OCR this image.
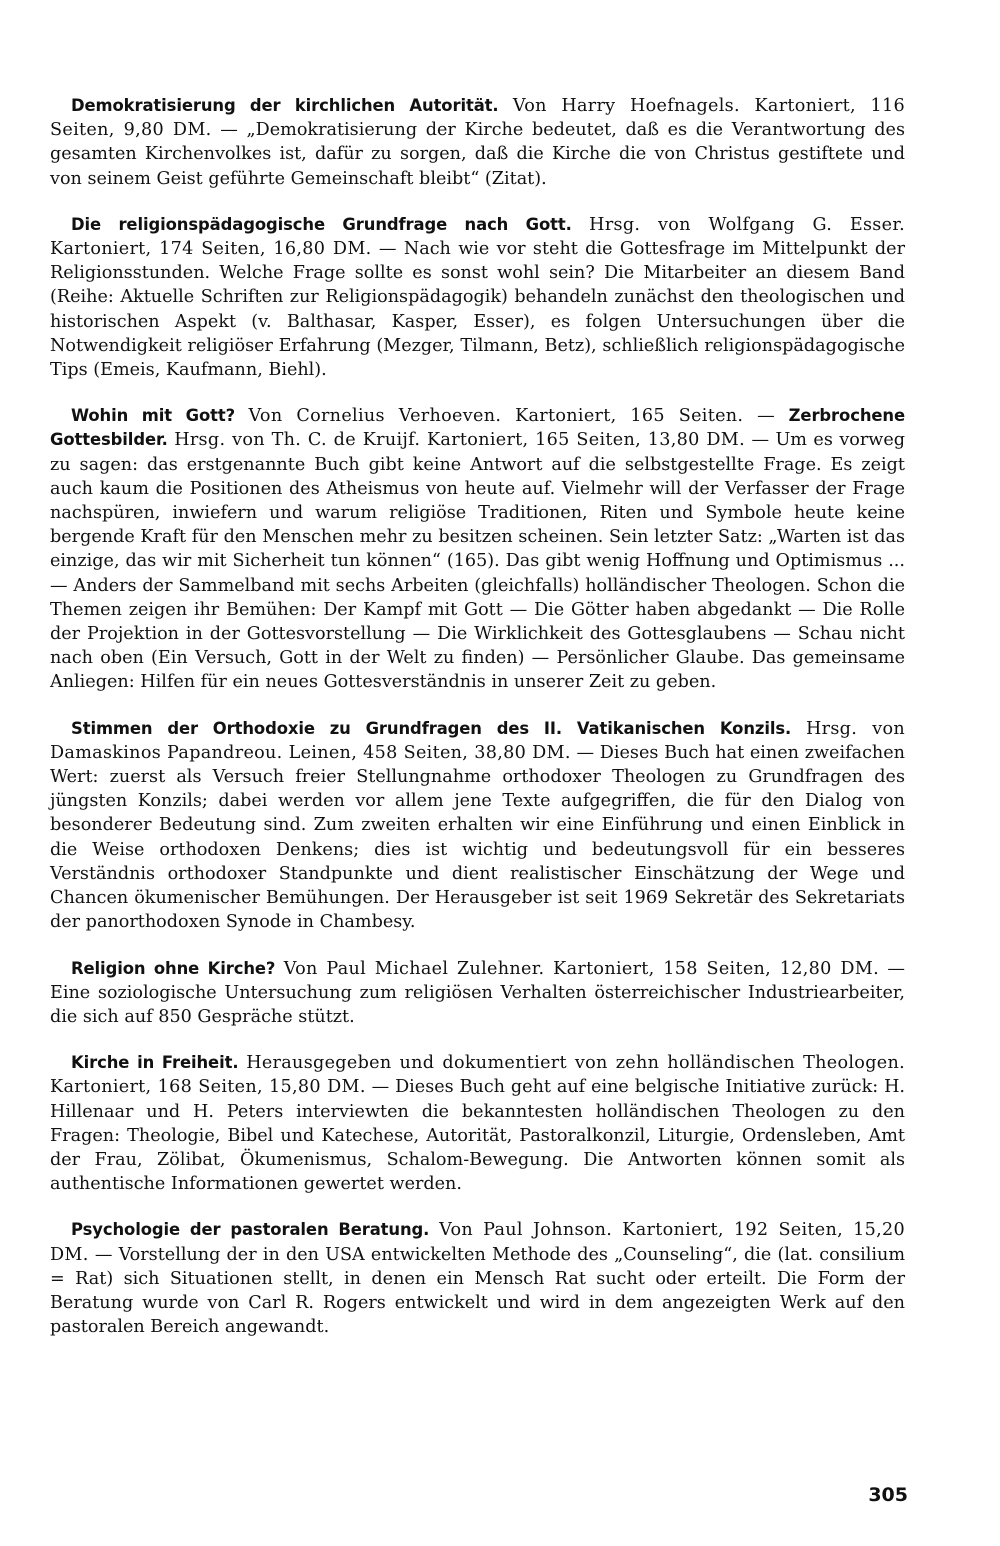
Demokratisierung der kirchlichen Autorität. Von Harry Hoefnagels. Kartoniert, 116 Seiten, 9,80 DM. — „Demokratisierung der Kirche bedeutet, daß es die Verantwortung des gesamten Kirchenvolkes ist, dafür zu sorgen, daß die Kirche die von Christus gestiftete und von seinem Geist geführte Gemeinschaft bleibt“ (Zitat).

Die religionspädagogische Grundfrage nach Gott. Hrsg. von Wolfgang G. Esser. Kartoniert, 174 Seiten, 16,80 DM. — Nach wie vor steht die Gottesfrage im Mittelpunkt der Religionsstunden. Welche Frage sollte es sonst wohl sein? Die Mitarbeiter an diesem Band (Reihe: Aktuelle Schriften zur Religionspädagogik) behandeln zunächst den theologischen und historischen Aspekt (v. Balthasar, Kasper, Esser), es folgen Untersuchungen über die Notwendigkeit religiöser Erfahrung (Mezger, Tilmann, Betz), schließlich religionspädagogische Tips (Emeis, Kaufmann, Biehl).

Wohin mit Gott? Von Cornelius Verhoeven. Kartoniert, 165 Seiten. — Zerbrochene Gottesbilder. Hrsg. von Th. C. de Kruijf. Kartoniert, 165 Seiten, 13,80 DM. — Um es vorweg zu sagen: das erstgenannte Buch gibt keine Antwort auf die selbstgestellte Frage. Es zeigt auch kaum die Positionen des Atheismus von heute auf. Vielmehr will der Verfasser der Frage nachspüren, inwiefern und warum religiöse Traditionen, Riten und Symbole heute keine bergende Kraft für den Menschen mehr zu besitzen scheinen. Sein letzter Satz: „Warten ist das einzige, das wir mit Sicherheit tun können“ (165). Das gibt wenig Hoffnung und Optimismus ... — Anders der Sammelband mit sechs Arbeiten (gleichfalls) holländischer Theologen. Schon die Themen zeigen ihr Bemühen: Der Kampf mit Gott — Die Götter haben abgedankt — Die Rolle der Projektion in der Gottesvorstellung — Die Wirklichkeit des Gottesglaubens — Schau nicht nach oben (Ein Versuch, Gott in der Welt zu finden) — Persönlicher Glaube. Das gemeinsame Anliegen: Hilfen für ein neues Gottesverständnis in unserer Zeit zu geben.

Stimmen der Orthodoxie zu Grundfragen des II. Vatikanischen Konzils. Hrsg. von Damaskinos Papandreou. Leinen, 458 Seiten, 38,80 DM. — Dieses Buch hat einen zweifachen Wert: zuerst als Versuch freier Stellungnahme orthodoxer Theologen zu Grundfragen des jüngsten Konzils; dabei werden vor allem jene Texte aufgegriffen, die für den Dialog von besonderer Bedeutung sind. Zum zweiten erhalten wir eine Einführung und einen Einblick in die Weise orthodoxen Denkens; dies ist wichtig und bedeutungsvoll für ein besseres Verständnis orthodoxer Standpunkte und dient realistischer Einschätzung der Wege und Chancen ökumenischer Bemühungen. Der Herausgeber ist seit 1969 Sekretär des Sekretariats der panorthodoxen Synode in Chambesy.

Religion ohne Kirche? Von Paul Michael Zulehner. Kartoniert, 158 Seiten, 12,80 DM. — Eine soziologische Untersuchung zum religiösen Verhalten österreichischer Industriearbeiter, die sich auf 850 Gespräche stützt.

Kirche in Freiheit. Herausgegeben und dokumentiert von zehn holländischen Theologen. Kartoniert, 168 Seiten, 15,80 DM. — Dieses Buch geht auf eine belgische Initiative zurück: H. Hillenaar und H. Peters interviewten die bekanntesten holländischen Theologen zu den Fragen: Theologie, Bibel und Katechese, Autorität, Pastoralkonzil, Liturgie, Ordensleben, Amt der Frau, Zölibat, Ökumenismus, Schalom-Bewegung. Die Antworten können somit als authentische Informationen gewertet werden.

Psychologie der pastoralen Beratung. Von Paul Johnson. Kartoniert, 192 Seiten, 15,20 DM. — Vorstellung der in den USA entwickelten Methode des „Counseling“, die (lat. consilium = Rat) sich Situationen stellt, in denen ein Mensch Rat sucht oder erteilt. Die Form der Beratung wurde von Carl R. Rogers entwickelt und wird in dem angezeigten Werk auf den pastoralen Bereich angewandt.

305
